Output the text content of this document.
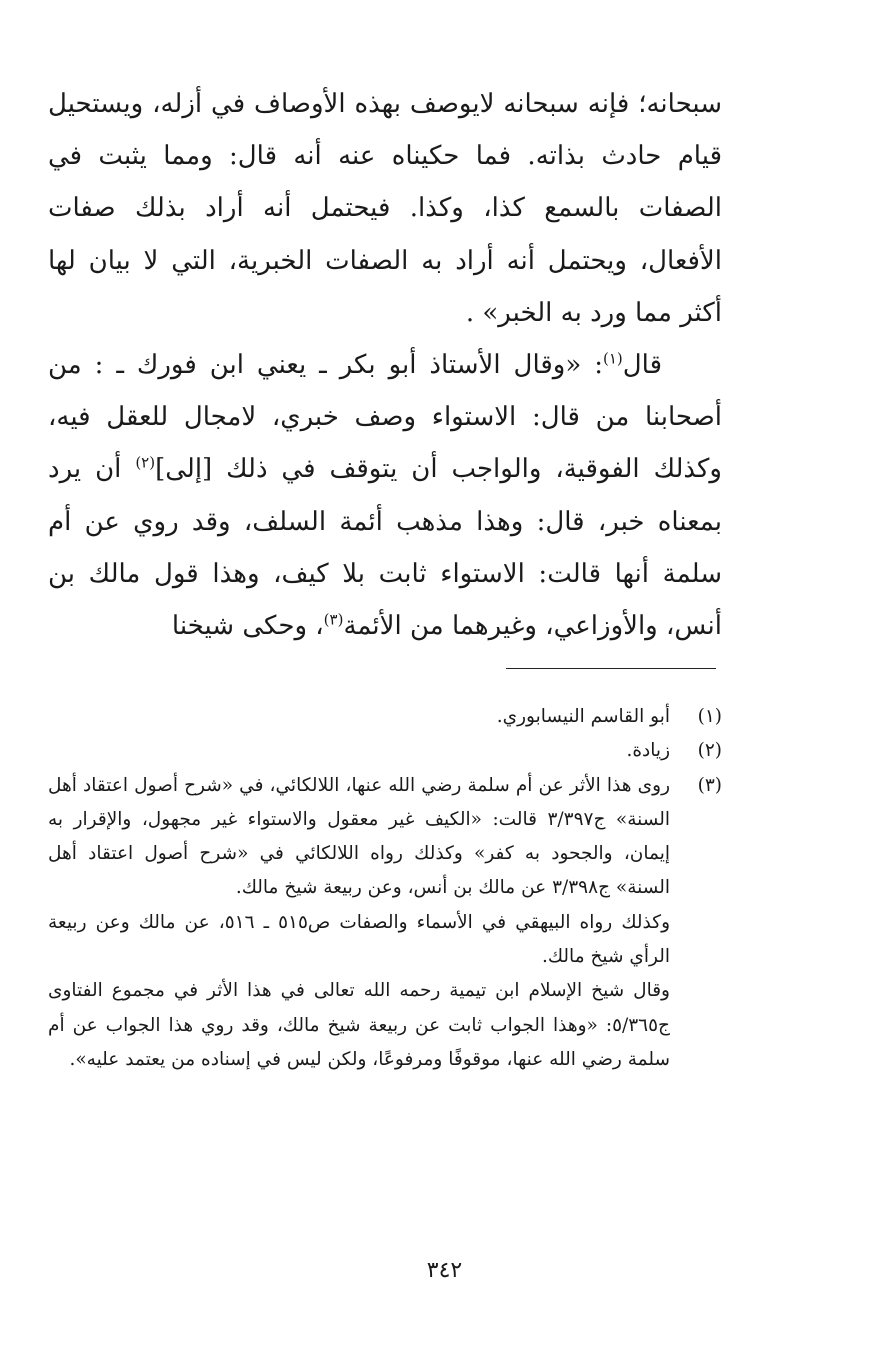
سبحانه؛ فإنه سبحانه لايوصف بهذه الأوصاف في أزله، ويستحيل قيام حادث بذاته. فما حكيناه عنه أنه قال: ومما يثبت في الصفات بالسمع كذا، وكذا. فيحتمل أنه أراد بذلك صفات الأفعال، ويحتمل أنه أراد به الصفات الخبرية، التي لا بيان لها أكثر مما ورد به الخبر» .

قال$^{(١)}$: «وقال الأستاذ أبو بكر ـ يعني ابن فورك ـ : من أصحابنا من قال: الاستواء وصف خبري، لامجال للعقل فيه، وكذلك الفوقية، والواجب أن يتوقف في ذلك [إلى]$^{(٢)}$ أن يرد بمعناه خبر، قال: وهذا مذهب أئمة السلف، وقد روي عن أم سلمة أنها قالت: الاستواء ثابت بلا كيف، وهذا قول مالك بن أنس، والأوزاعي، وغيرهما من الأئمة$^{(٣)}$، وحكى شيخنا

(١)

أبو القاسم النيسابوري.

(٢)

زيادة.

(٣)

روى هذا الأثر عن أم سلمة رضي الله عنها، اللالكائي، في «شرح أصول اعتقاد أهل السنة» ج٣/٣٩٧ قالت: «الكيف غير معقول والاستواء غير مجهول، والإقرار به إيمان، والجحود به كفر» وكذلك رواه اللالكائي في «شرح أصول اعتقاد أهل السنة» ج٣/٣٩٨ عن مالك بن أنس، وعن ربيعة شيخ مالك.

وكذلك رواه البيهقي في الأسماء والصفات ص٥١٥ ـ ٥١٦، عن مالك وعن ربيعة الرأي شيخ مالك.

وقال شيخ الإسلام ابن تيمية رحمه الله تعالى في هذا الأثر في مجموع الفتاوى ج٥/٣٦٥: «وهذا الجواب ثابت عن ربيعة شيخ مالك، وقد روي هذا الجواب عن أم سلمة رضي الله عنها، موقوفًا ومرفوعًا، ولكن ليس في إسناده من يعتمد عليه».

٣٤٢
